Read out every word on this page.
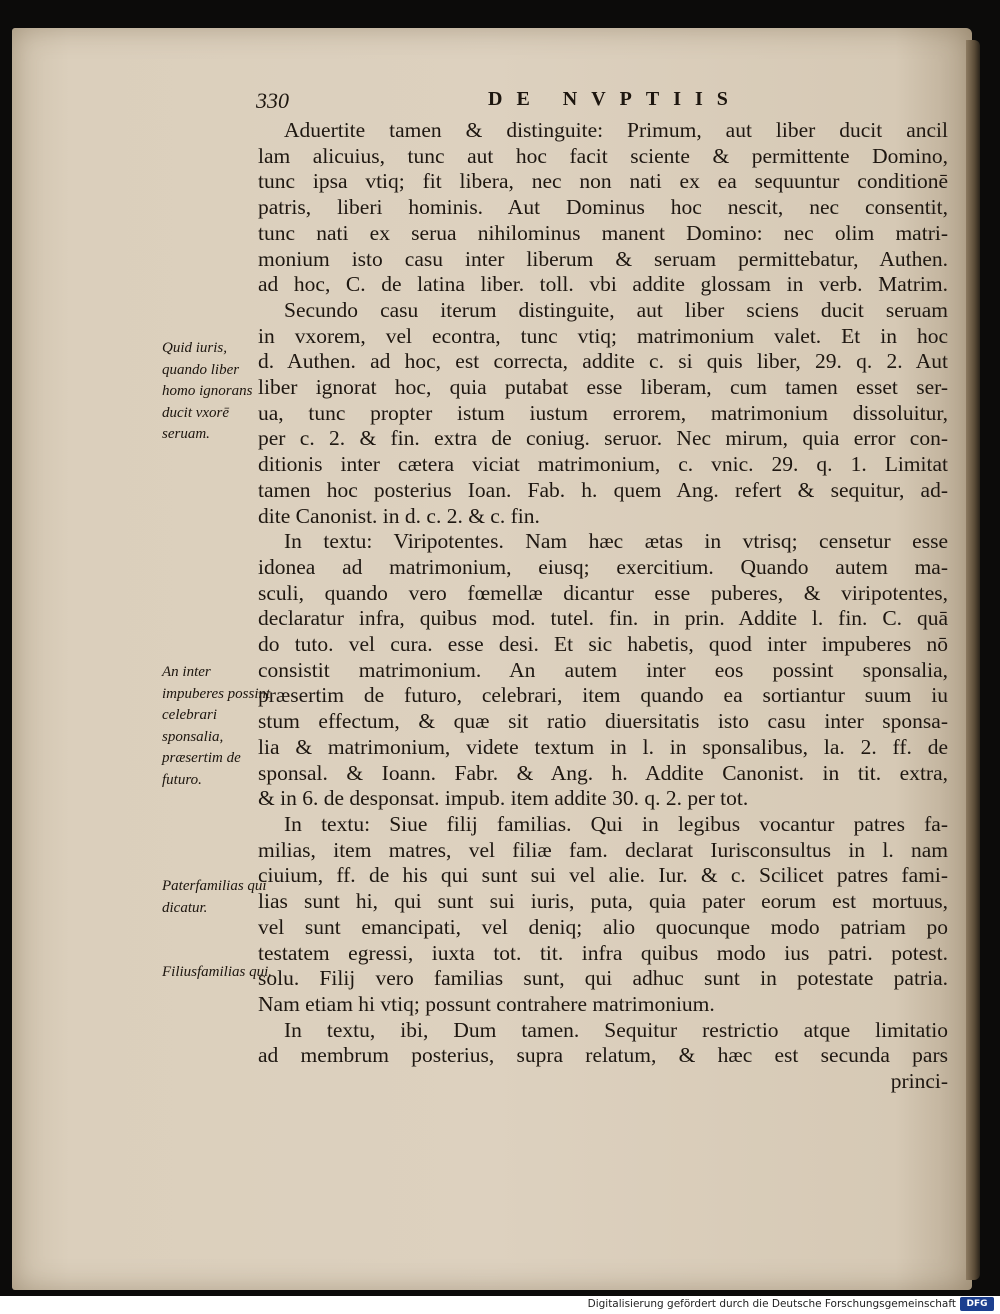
330	DE NVPTIIS
Aduertite tamen & distinguite: Primum, aut liber ducit ancil
lam alicuius, tunc aut hoc facit sciente & permittente Domino,
tunc ipsa vtiq; fit libera, nec non nati ex ea sequuntur conditionē
patris, liberi hominis. Aut Dominus hoc nescit, nec consentit,
tunc nati ex serua nihilominus manent Domino: nec olim matri-
monium isto casu inter liberum & seruam permittebatur, Authen.
ad hoc, C. de latina liber. toll. vbi addite glossam in verb. Matrim.
Secundo casu iterum distinguite, aut liber sciens ducit seruam
in vxorem, vel econtra, tunc vtiq; matrimonium valet. Et in hoc
d. Authen. ad hoc, est correcta, addite c. si quis liber, 29. q. 2. Aut
liber ignorat hoc, quia putabat esse liberam, cum tamen esset ser-
ua, tunc propter istum iustum errorem, matrimonium dissoluitur,
per c. 2. & fin. extra de coniug. seruor. Nec mirum, quia error con-
ditionis inter cætera viciat matrimonium, c. vnic. 29. q. 1. Limitat
tamen hoc posterius Ioan. Fab. h. quem Ang. refert & sequitur, ad-
dite Canonist. in d. c. 2. & c. fin.
In textu: Viripotentes. Nam hæc ætas in vtrisq; censetur esse
idonea ad matrimonium, eiusq; exercitium. Quando autem ma-
sculi, quando vero fœmellæ dicantur esse puberes, & viripotentes,
declaratur infra, quibus mod. tutel. fin. in prin. Addite l. fin. C. quā
do tuto. vel cura. esse desi. Et sic habetis, quod inter impuberes nō
consistit matrimonium. An autem inter eos possint sponsalia,
præsertim de futuro, celebrari, item quando ea sortiantur suum iu
stum effectum, & quæ sit ratio diuersitatis isto casu inter sponsa-
lia & matrimonium, videte textum in l. in sponsalibus, la. 2. ff. de
sponsal. & Ioann. Fabr. & Ang. h. Addite Canonist. in tit. extra,
& in 6. de desponsat. impub. item addite 30. q. 2. per tot.
In textu: Siue filij familias. Qui in legibus vocantur patres fa-
milias, item matres, vel filiæ fam. declarat Iurisconsultus in l. nam
ciuium, ff. de his qui sunt sui vel alie. Iur. & c. Scilicet patres fami-
lias sunt hi, qui sunt sui iuris, puta, quia pater eorum est mortuus,
vel sunt emancipati, vel deniq; alio quocunque modo patriam po
testatem egressi, iuxta tot. tit. infra quibus modo ius patri. potest.
solu. Filij vero familias sunt, qui adhuc sunt in potestate patria.
Nam etiam hi vtiq; possunt contrahere matrimonium.
In textu, ibi, Dum tamen. Sequitur restrictio atque limitatio
ad membrum posterius, supra relatum, & hæc est secunda pars
princi-
Quid iuris, quando liber homo ignorans ducit vxorē seruam.
An inter impuberes possint celebrari sponsalia, præsertim de futuro.
Paterfamilias qui dicatur.
Filiusfamilias qui.
Digitalisierung gefördert durch die Deutsche Forschungsgemeinschaft	DFG
